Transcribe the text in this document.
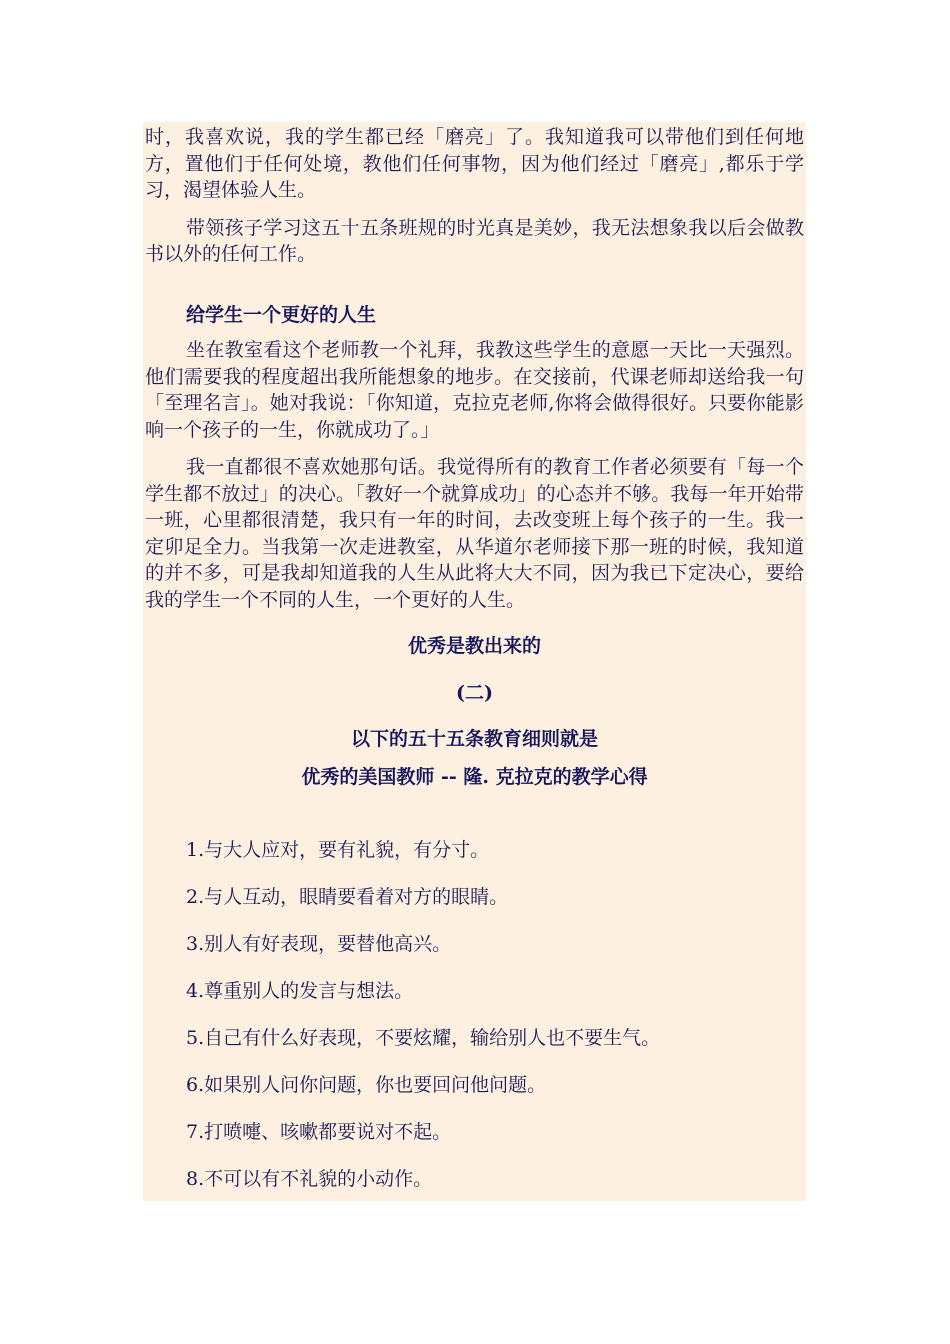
时，我喜欢说，我的学生都已经「磨亮」了。我知道我可以带他们到任何地方，置他们于任何处境，教他们任何事物，因为他们经过「磨亮」,都乐于学习，渴望体验人生。

带领孩子学习这五十五条班规的时光真是美妙，我无法想象我以后会做教书以外的任何工作。

给学生一个更好的人生

坐在教室看这个老师教一个礼拜，我教这些学生的意愿一天比一天强烈。他们需要我的程度超出我所能想象的地步。在交接前，代课老师却送给我一句「至理名言」。她对我说：「你知道，克拉克老师,你将会做得很好。只要你能影响一个孩子的一生，你就成功了。」

我一直都很不喜欢她那句话。我觉得所有的教育工作者必须要有「每一个学生都不放过」的决心。「教好一个就算成功」的心态并不够。我每一年开始带一班，心里都很清楚，我只有一年的时间，去改变班上每个孩子的一生。我一定卯足全力。当我第一次走进教室，从华道尔老师接下那一班的时候，我知道的并不多，可是我却知道我的人生从此将大大不同，因为我已下定决心，要给我的学生一个不同的人生，一个更好的人生。

优秀是教出来的

(二)

以下的五十五条教育细则就是

优秀的美国教师 -- 隆. 克拉克的教学心得

1.与大人应对，要有礼貌，有分寸。
2.与人互动，眼睛要看着对方的眼睛。
3.别人有好表现，要替他高兴。
4.尊重别人的发言与想法。
5.自己有什么好表现，不要炫耀，输给别人也不要生气。
6.如果别人问你问题，你也要回问他问题。
7.打喷嚏、咳嗽都要说对不起。
8.不可以有不礼貌的小动作。
